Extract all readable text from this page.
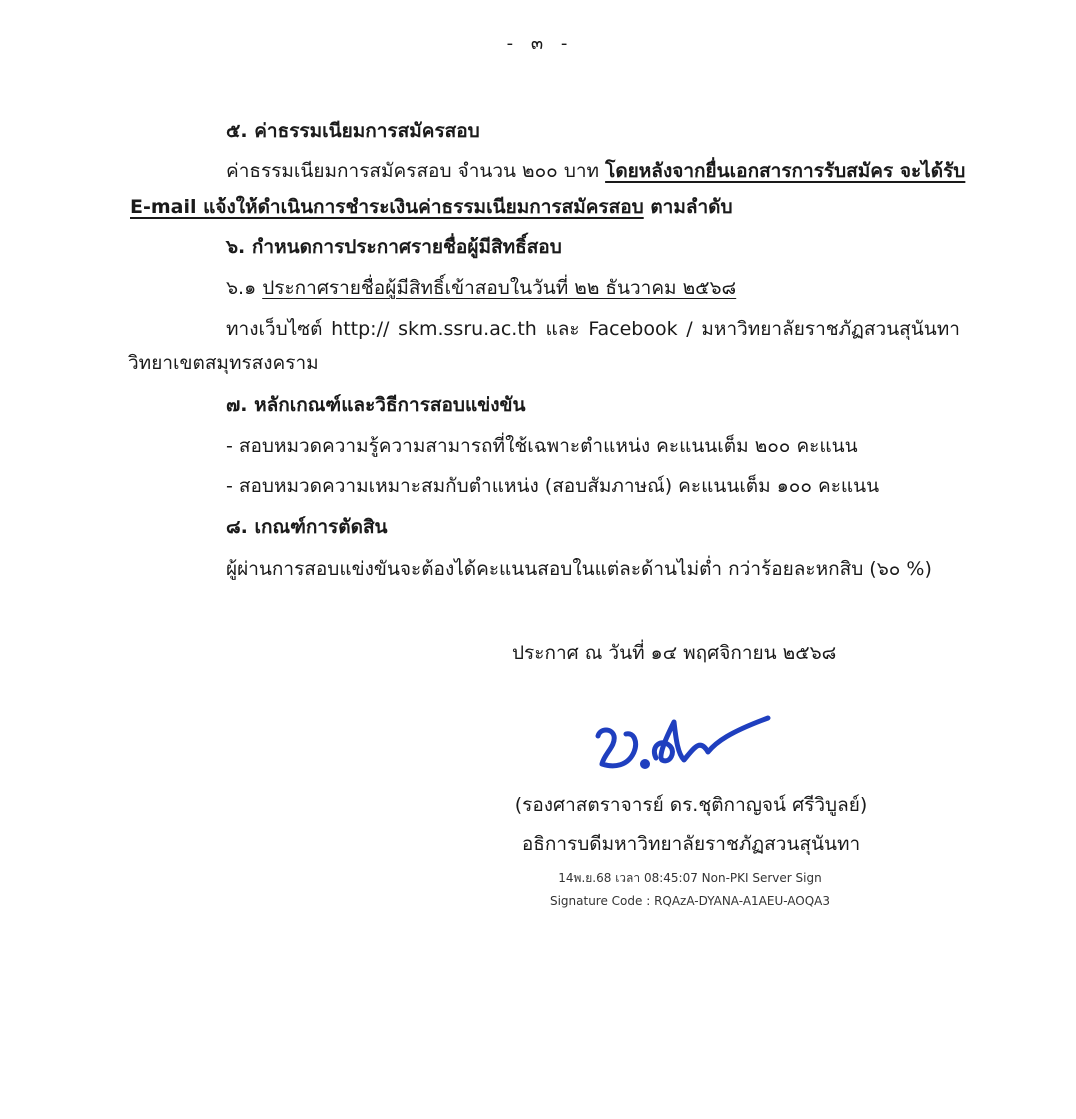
- ๓ -
๕. ค่าธรรมเนียมการสมัครสอบ
ค่าธรรมเนียมการสมัครสอบ จำนวน ๒๐๐ บาท โดยหลังจากยื่นเอกสารการรับสมัคร จะได้รับ
E-mail แจ้งให้ดำเนินการชำระเงินค่าธรรมเนียมการสมัครสอบ ตามลำดับ
๖. กำหนดการประกาศรายชื่อผู้มีสิทธิ์สอบ
๖.๑ ประกาศรายชื่อผู้มีสิทธิ์เข้าสอบในวันที่ ๒๒ ธันวาคม ๒๕๖๘
ทางเว็บไซต์ http:// skm.ssru.ac.th และ Facebook / มหาวิทยาลัยราชภัฏสวนสุนันทา
วิทยาเขตสมุทรสงคราม
๗. หลักเกณฑ์และวิธีการสอบแข่งขัน
- สอบหมวดความรู้ความสามารถที่ใช้เฉพาะตำแหน่ง คะแนนเต็ม ๒๐๐ คะแนน
- สอบหมวดความเหมาะสมกับตำแหน่ง (สอบสัมภาษณ์) คะแนนเต็ม ๑๐๐ คะแนน
๘. เกณฑ์การตัดสิน
ผู้ผ่านการสอบแข่งขันจะต้องได้คะแนนสอบในแต่ละด้านไม่ต่ำ กว่าร้อยละหกสิบ (๖๐ %)
ประกาศ ณ วันที่ ๑๔ พฤศจิกายน ๒๕๖๘
(รองศาสตราจารย์ ดร.ชุติกาญจน์ ศรีวิบูลย์)
อธิการบดีมหาวิทยาลัยราชภัฏสวนสุนันทา
14พ.ย.68 เวลา 08:45:07 Non-PKI Server Sign
Signature Code : RQAzA-DYANA-A1AEU-AOQA3
